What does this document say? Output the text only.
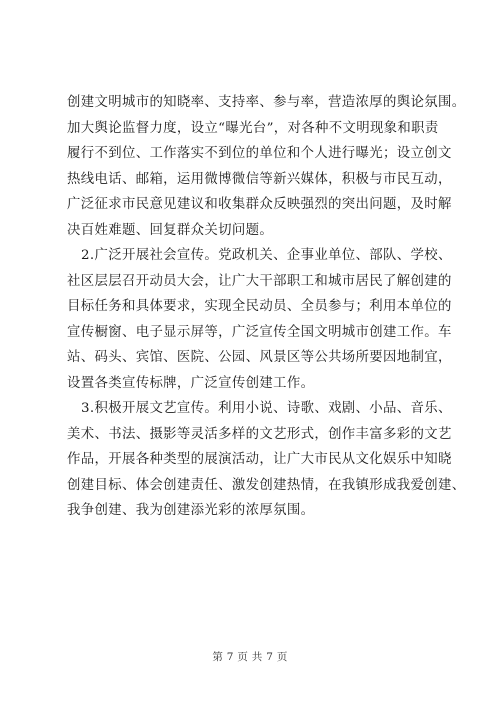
创建文明城市的知晓率、支持率、参与率，营造浓厚的舆论氛围。
加大舆论监督力度，设立“曝光台”，对各种不文明现象和职责
履行不到位、工作落实不到位的单位和个人进行曝光；设立创文
热线电话、邮箱，运用微博微信等新兴媒体，积极与市民互动，
广泛征求市民意见建议和收集群众反映强烈的突出问题，及时解
决百姓难题、回复群众关切问题。
2.广泛开展社会宣传。党政机关、企事业单位、部队、学校、
社区层层召开动员大会，让广大干部职工和城市居民了解创建的
目标任务和具体要求，实现全民动员、全员参与；利用本单位的
宣传橱窗、电子显示屏等，广泛宣传全国文明城市创建工作。车
站、码头、宾馆、医院、公园、风景区等公共场所要因地制宜，
设置各类宣传标牌，广泛宣传创建工作。
3.积极开展文艺宣传。利用小说、诗歌、戏剧、小品、音乐、
美术、书法、摄影等灵活多样的文艺形式，创作丰富多彩的文艺
作品，开展各种类型的展演活动，让广大市民从文化娱乐中知晓
创建目标、体会创建责任、激发创建热情，在我镇形成我爱创建、
我争创建、我为创建添光彩的浓厚氛围。
第 7 页 共 7 页
